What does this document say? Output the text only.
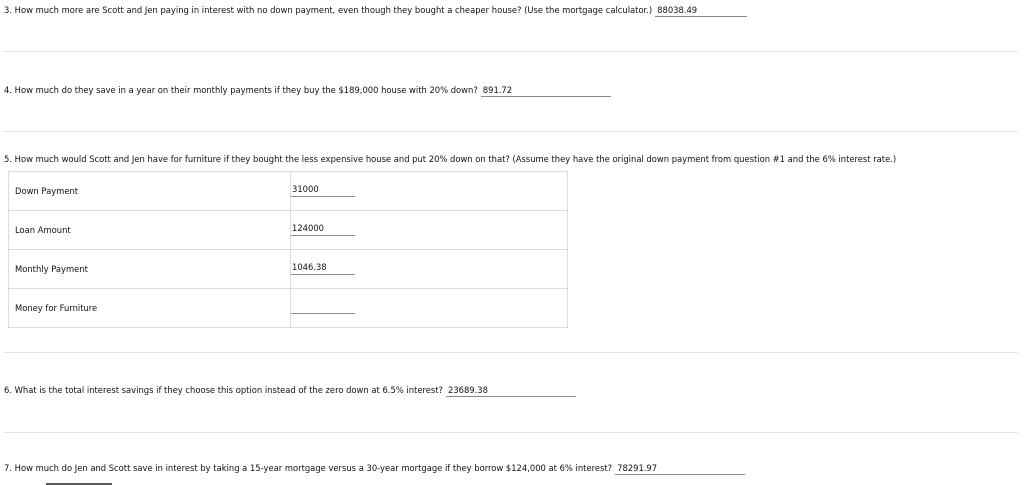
3. How much more are Scott and Jen paying in interest with no down payment, even though they bought a cheaper house? (Use the mortgage calculator.) 88038.49
4. How much do they save in a year on their monthly payments if they buy the $189,000 house with 20% down? 891.72
5. How much would Scott and Jen have for furniture if they bought the less expensive house and put 20% down on that? (Assume they have the original down payment from question #1 and the 6% interest rate.)
Down Payment	31000

Loan Amount	124000

Monthly Payment	1046.38

Money for Furniture	
6. What is the total interest savings if they choose this option instead of the zero down at 6.5% interest? 23689.38
7. How much do Jen and Scott save in interest by taking a 15-year mortgage versus a 30-year mortgage if they borrow $124,000 at 6% interest? 78291.97
